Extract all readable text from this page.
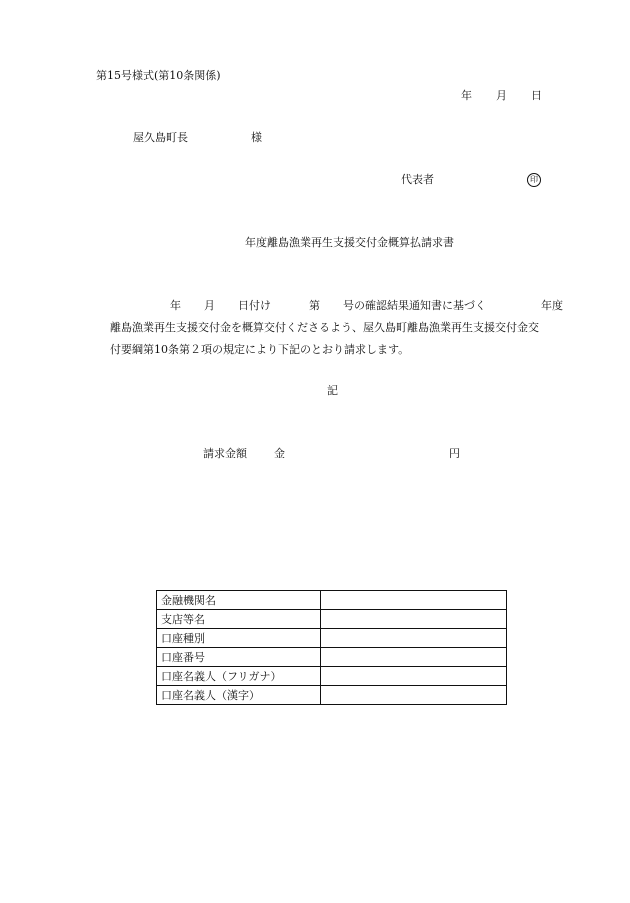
第15号様式(第10条関係)
年 月 日
屋久島町長	様
代表者	印
年度離島漁業再生支援交付金概算払請求書
年 月 日付け	第 号の確認結果通知書に基づく	年度
離島漁業再生支援交付金を概算交付くださるよう、屋久島町離島漁業再生支援交付金交
付要綱第10条第２項の規定により下記のとおり請求します。
記
請求金額 金	円
金融機関名	
支店等名	
口座種別	
口座番号	
口座名義人（フリガナ）	
口座名義人（漢字）	
